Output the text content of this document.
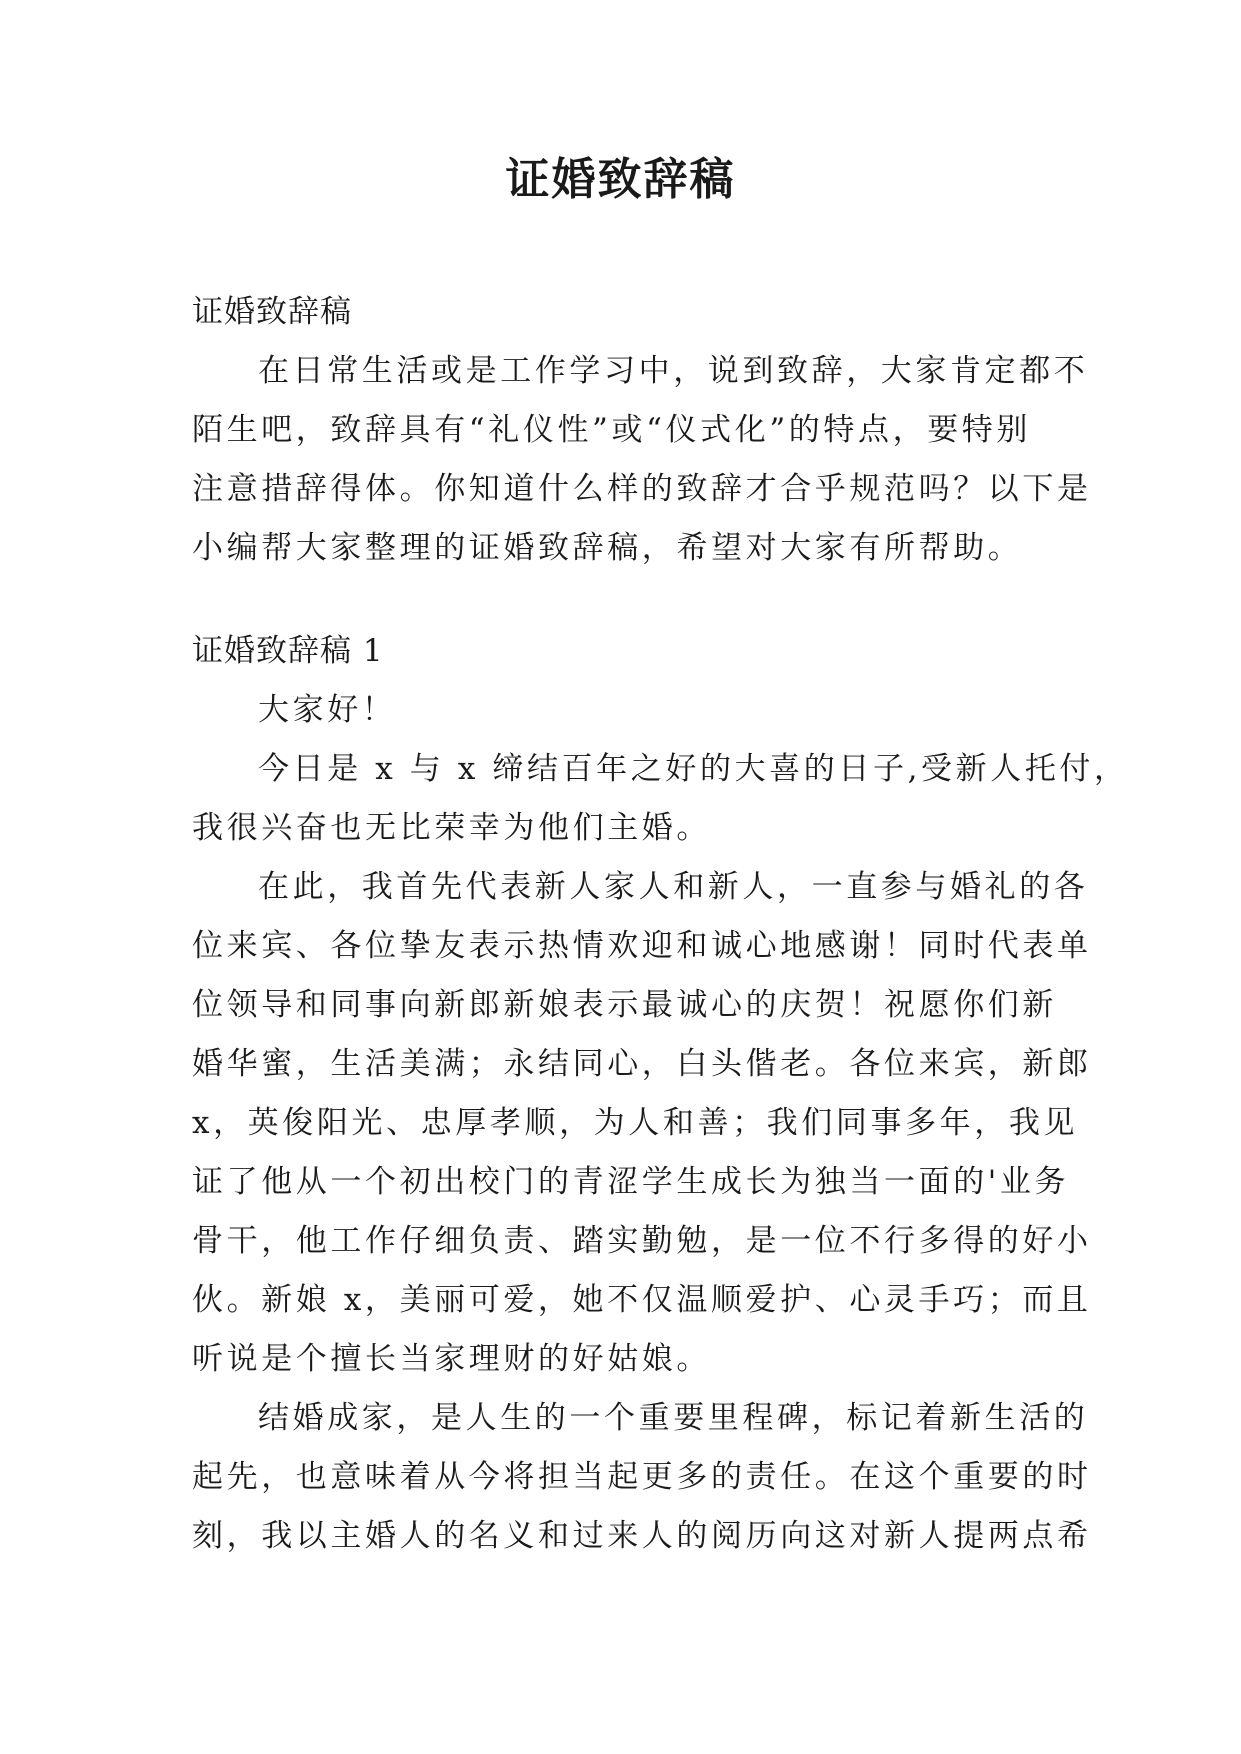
证婚致辞稿

证婚致辞稿

在日常生活或是工作学习中，说到致辞，大家肯定都不
陌生吧，致辞具有“礼仪性”或“仪式化”的特点，要特别
注意措辞得体。你知道什么样的致辞才合乎规范吗？以下是
小编帮大家整理的证婚致辞稿，希望对大家有所帮助。

证婚致辞稿 1

大家好！

今日是 x 与 x 缔结百年之好的大喜的日子,受新人托付，
我很兴奋也无比荣幸为他们主婚。
在此，我首先代表新人家人和新人，一直参与婚礼的各
位来宾、各位挚友表示热情欢迎和诚心地感谢！同时代表单
位领导和同事向新郎新娘表示最诚心的庆贺！祝愿你们新
婚华蜜，生活美满；永结同心，白头偕老。各位来宾，新郎
x，英俊阳光、忠厚孝顺，为人和善；我们同事多年，我见
证了他从一个初出校门的青涩学生成长为独当一面的'业务
骨干，他工作仔细负责、踏实勤勉，是一位不行多得的好小
伙。新娘 x，美丽可爱，她不仅温顺爱护、心灵手巧；而且
听说是个擅长当家理财的好姑娘。
结婚成家，是人生的一个重要里程碑，标记着新生活的
起先，也意味着从今将担当起更多的责任。在这个重要的时
刻，我以主婚人的名义和过来人的阅历向这对新人提两点希
